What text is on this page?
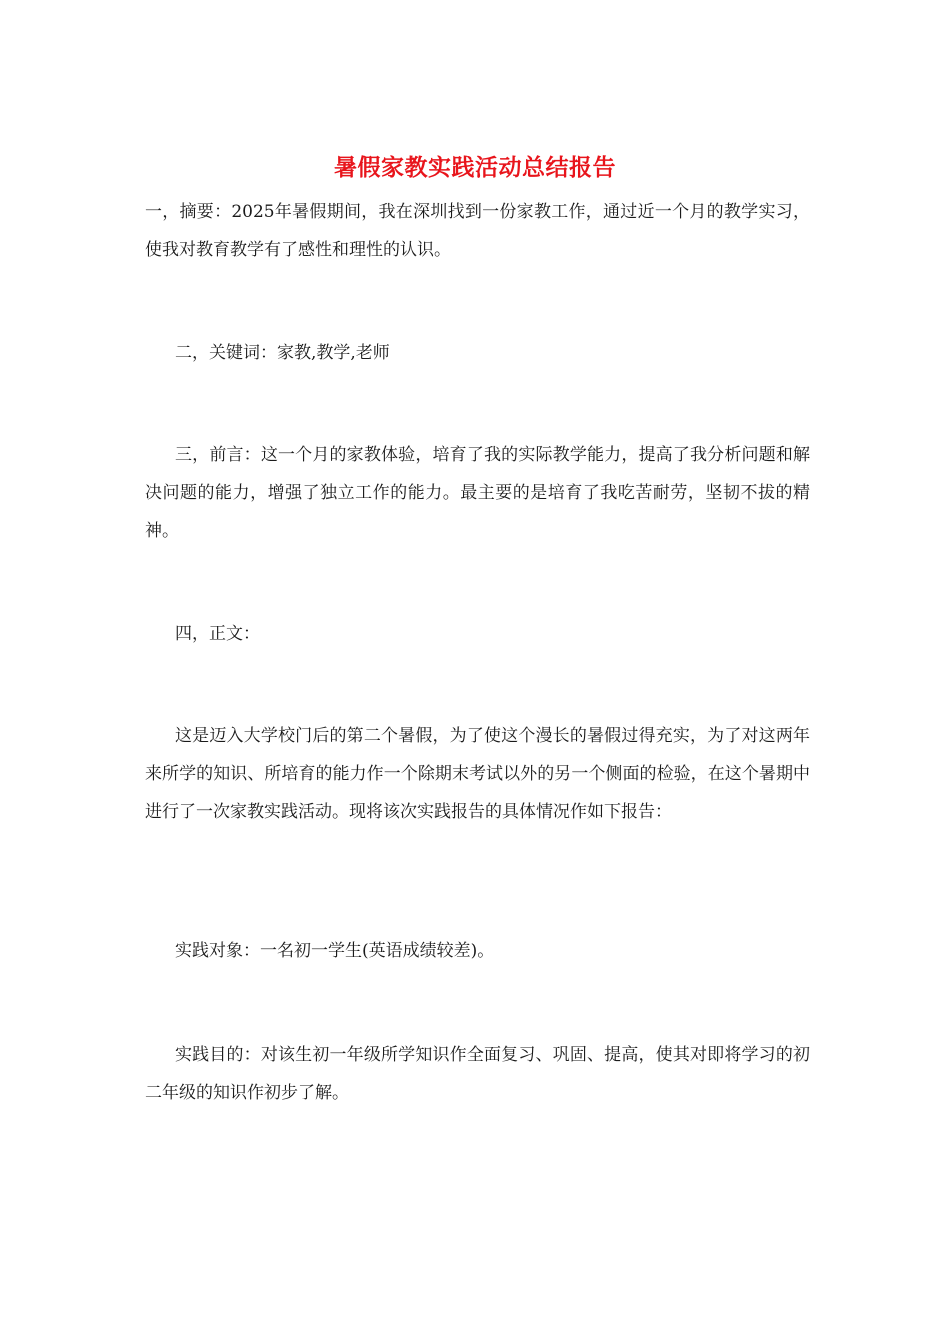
暑假家教实践活动总结报告

一，摘要：2025年暑假期间，我在深圳找到一份家教工作，通过近一个月的教学实习，使我对教育教学有了感性和理性的认识。

二，关键词：家教,教学,老师

三，前言：这一个月的家教体验，培育了我的实际教学能力，提高了我分析问题和解决问题的能力，增强了独立工作的能力。最主要的是培育了我吃苦耐劳，坚韧不拔的精神。

四，正文：

这是迈入大学校门后的第二个暑假，为了使这个漫长的暑假过得充实，为了对这两年来所学的知识、所培育的能力作一个除期末考试以外的另一个侧面的检验，在这个暑期中进行了一次家教实践活动。现将该次实践报告的具体情况作如下报告：

实践对象：一名初一学生(英语成绩较差)。

实践目的：对该生初一年级所学知识作全面复习、巩固、提高，使其对即将学习的初二年级的知识作初步了解。
